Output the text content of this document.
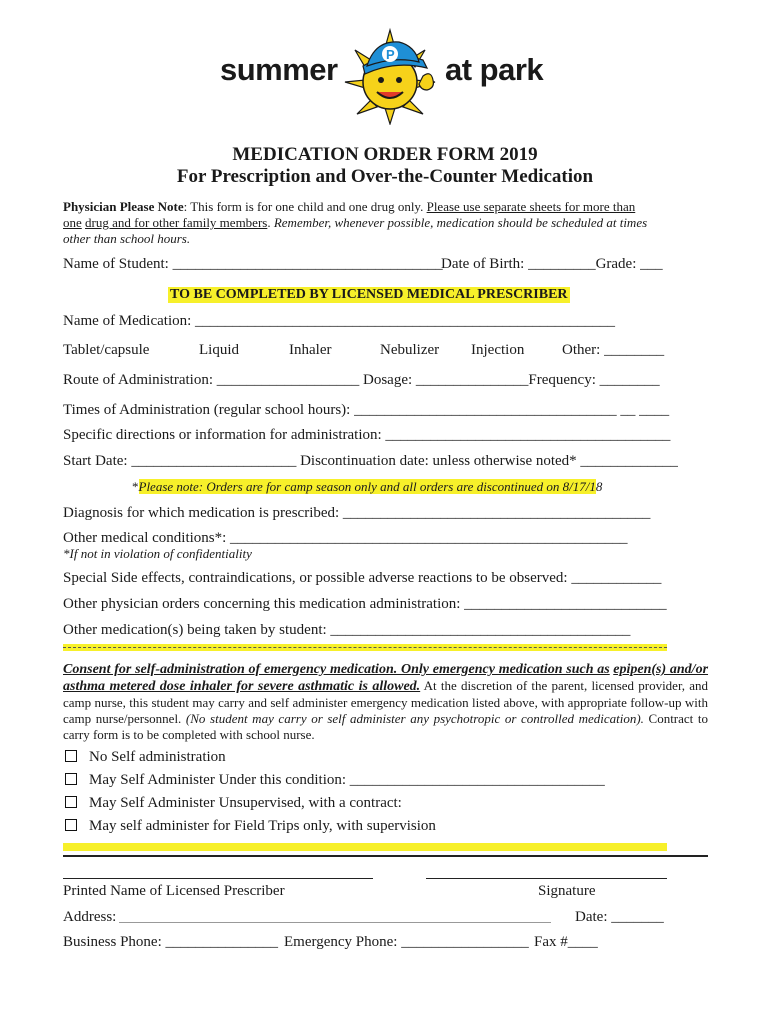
summer	P at park
MEDICATION ORDER FORM 2019
For Prescription and Over-the-Counter Medication
Physician Please Note: This form is for one child and one drug only. Please use separate sheets for more than
one drug and for other family members. Remember, whenever possible, medication should be scheduled at times
other than school hours.
Name of Student: ____________________________________
Date of Birth: _________Grade: ___
TO BE COMPLETED BY LICENSED MEDICAL PRESCRIBER
Name of Medication: ________________________________________________________
Tablet/capsule	Liquid	Inhaler	Nebulizer Injection	Other: ________
Route of Administration: ___________________ Dosage: _______________Frequency: ________
Times of Administration (regular school hours): ___________________________________ __ ____
Specific directions or information for administration: ______________________________________
Start Date: ______________________ Discontinuation date: unless otherwise noted* _____________
*Please note: Orders are for camp season only and all orders are discontinued on 8/17/18
Diagnosis for which medication is prescribed: _________________________________________
Other medical conditions*: _____________________________________________________
*If not in violation of confidentiality
Special Side effects, contraindications, or possible adverse reactions to be observed: ____________
Other physician orders concerning this medication administration: ___________________________
Other medication(s) being taken by student: ________________________________________
Consent for self-administration of emergency medication. Only emergency medication such as epipen(s) and/or asthma metered dose inhaler for severe asthmatic is allowed. At the discretion of the parent, licensed provider, and camp nurse, this student may carry and self administer emergency medication listed above, with appropriate follow-up with camp nurse/personnel. (No student may carry or self administer any psychotropic or controlled medication). Contract to carry form is to be completed with school nurse.
No Self administration
May Self Administer Under this condition: __________________________________
May Self Administer Unsupervised, with a contract:
May self administer for Field Trips only, with supervision
Printed Name of Licensed Prescriber	Signature
Address:	Date: _______
Business Phone: _______________ Emergency Phone: _________________ Fax #____
